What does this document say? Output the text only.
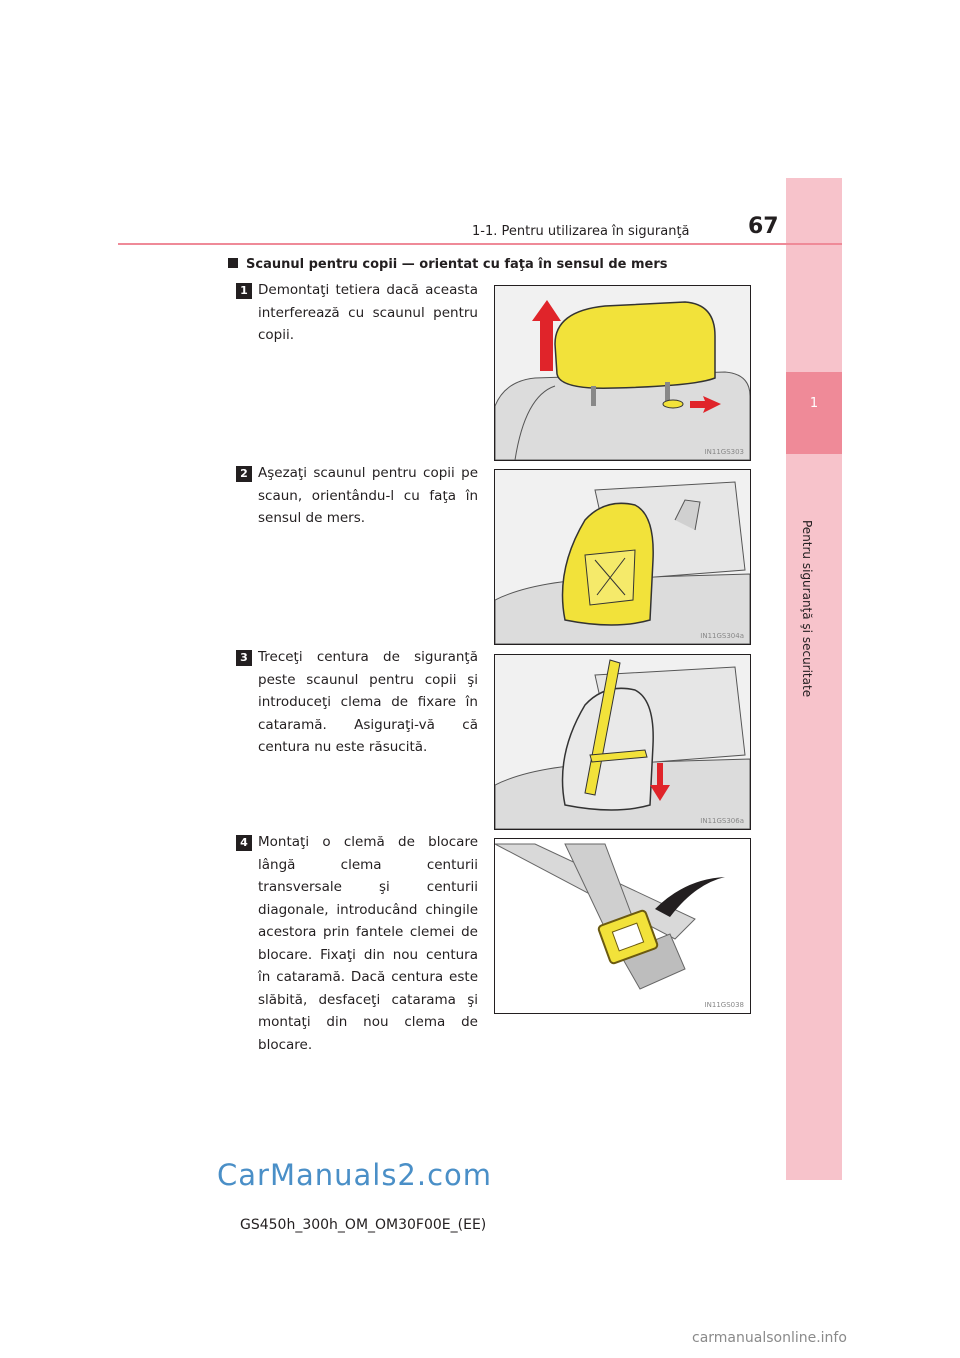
1
Pentru siguranţă şi securitate
1-1. Pentru utilizarea în siguranţă	67
Scaunul pentru copii — orientat cu faţa în sensul de mers
1 Demontaţi tetiera dacă aceasta interferează cu scaunul pentru copii.
IN11GS303
2 Aşezaţi scaunul pentru copii pe scaun, orientându-l cu faţa în sensul de mers.
IN11GS304a
3 Treceţi centura de siguranţă peste scaunul pentru copii şi introduceţi clema de fixare în cataramă. Asiguraţi-vă că centura nu este răsucită.
IN11GS306a
4 Montaţi o clemă de blocare lângă clema centurii transversale şi centurii diagonale, introducând chingile acestora prin fantele clemei de blocare. Fixaţi din nou centura în cataramă. Dacă centura este slăbită, desfaceţi catarama şi montaţi din nou clema de blocare.
IN11GS038
GS450h_300h_OM_OM30F00E_(EE)
CarManuals2.com
carmanualsonline.info
